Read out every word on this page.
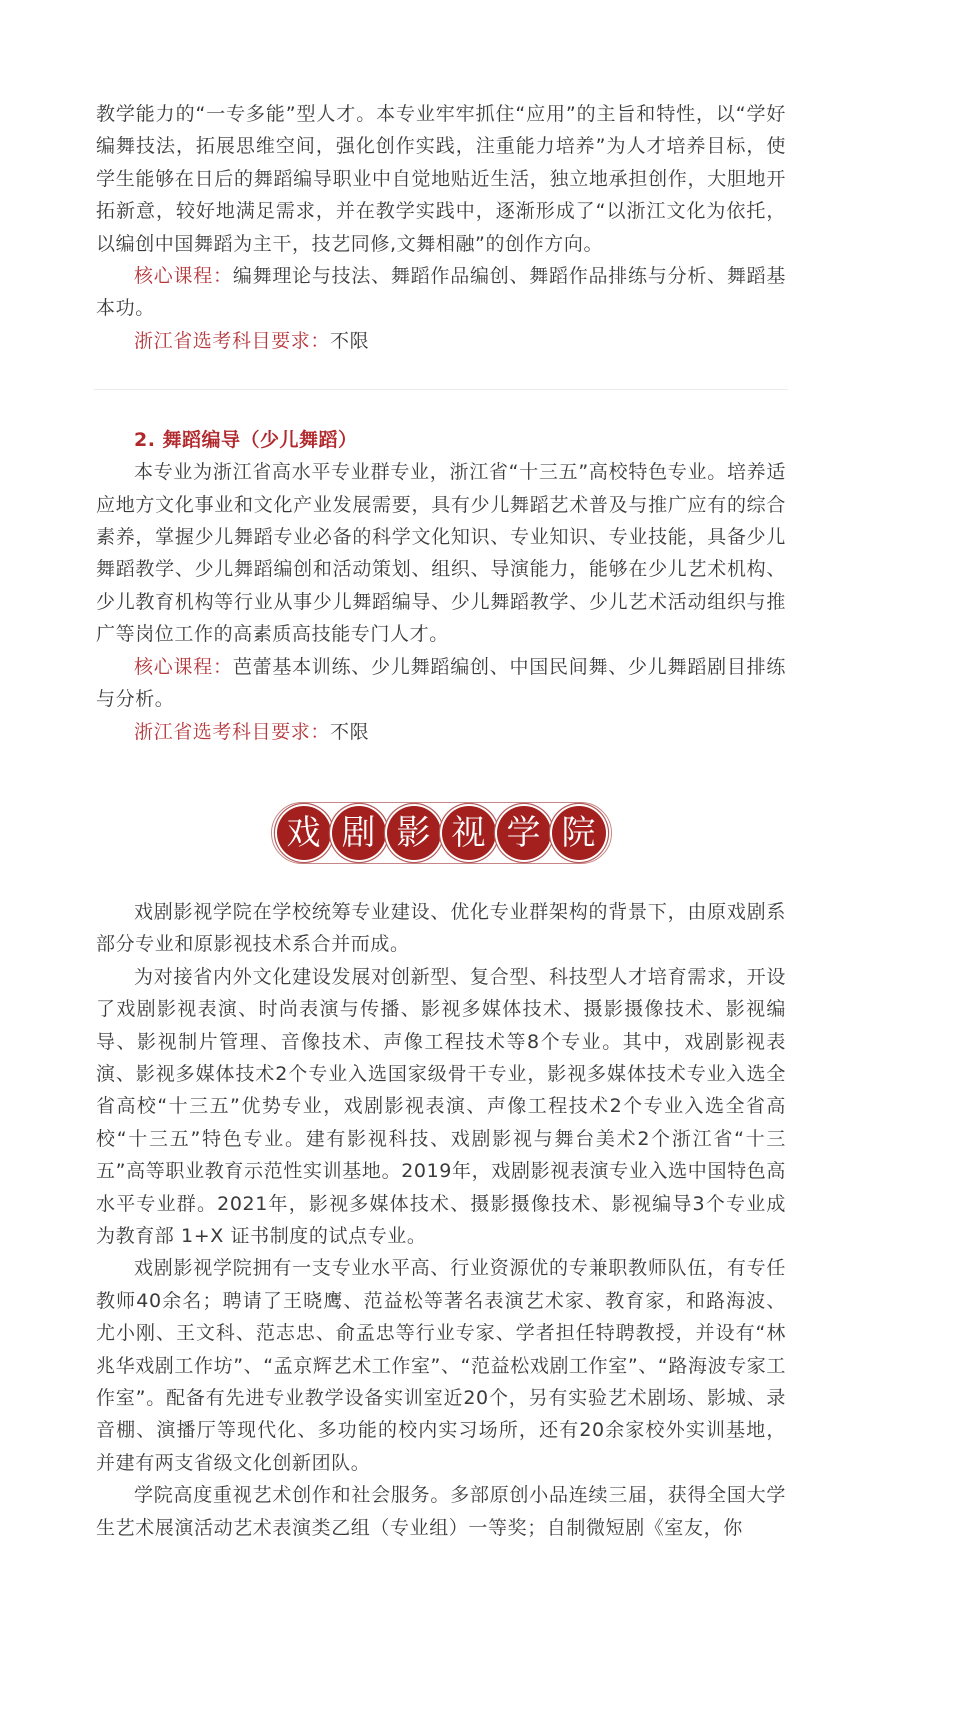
教学能力的“一专多能”型人才。本专业牢牢抓住“应用”的主旨和特性，以“学好编舞技法，拓展思维空间，强化创作实践，注重能力培养”为人才培养目标，使学生能够在日后的舞蹈编导职业中自觉地贴近生活，独立地承担创作，大胆地开拓新意，较好地满足需求，并在教学实践中，逐渐形成了“以浙江文化为依托，以编创中国舞蹈为主干，技艺同修,文舞相融”的创作方向。

核心课程：编舞理论与技法、舞蹈作品编创、舞蹈作品排练与分析、舞蹈基本功。

浙江省选考科目要求：不限

2. 舞蹈编导（少儿舞蹈）

本专业为浙江省高水平专业群专业，浙江省“十三五”高校特色专业。培养适应地方文化事业和文化产业发展需要，具有少儿舞蹈艺术普及与推广应有的综合素养，掌握少儿舞蹈专业必备的科学文化知识、专业知识、专业技能，具备少儿舞蹈教学、少儿舞蹈编创和活动策划、组织、导演能力，能够在少儿艺术机构、少儿教育机构等行业从事少儿舞蹈编导、少儿舞蹈教学、少儿艺术活动组织与推广等岗位工作的高素质高技能专门人才。

核心课程：芭蕾基本训练、少儿舞蹈编创、中国民间舞、少儿舞蹈剧目排练与分析。

浙江省选考科目要求：不限

戏 剧 影 视 学 院

戏剧影视学院在学校统筹专业建设、优化专业群架构的背景下，由原戏剧系部分专业和原影视技术系合并而成。

为对接省内外文化建设发展对创新型、复合型、科技型人才培育需求，开设了戏剧影视表演、时尚表演与传播、影视多媒体技术、摄影摄像技术、影视编导、影视制片管理、音像技术、声像工程技术等8个专业。其中，戏剧影视表演、影视多媒体技术2个专业入选国家级骨干专业，影视多媒体技术专业入选全省高校“十三五”优势专业，戏剧影视表演、声像工程技术2个专业入选全省高校“十三五”特色专业。建有影视科技、戏剧影视与舞台美术2个浙江省“十三五”高等职业教育示范性实训基地。2019年，戏剧影视表演专业入选中国特色高水平专业群。2021年，影视多媒体技术、摄影摄像技术、影视编导3个专业成为教育部 1+X 证书制度的试点专业。

戏剧影视学院拥有一支专业水平高、行业资源优的专兼职教师队伍，有专任教师40余名；聘请了王晓鹰、范益松等著名表演艺术家、教育家，和路海波、尤小刚、王文科、范志忠、俞孟忠等行业专家、学者担任特聘教授，并设有“林兆华戏剧工作坊”、“孟京辉艺术工作室”、“范益松戏剧工作室”、“路海波专家工作室”。配备有先进专业教学设备实训室近20个，另有实验艺术剧场、影城、录音棚、演播厅等现代化、多功能的校内实习场所，还有20余家校外实训基地，并建有两支省级文化创新团队。

学院高度重视艺术创作和社会服务。多部原创小品连续三届，获得全国大学生艺术展演活动艺术表演类乙组（专业组）一等奖；自制微短剧《室友，你
